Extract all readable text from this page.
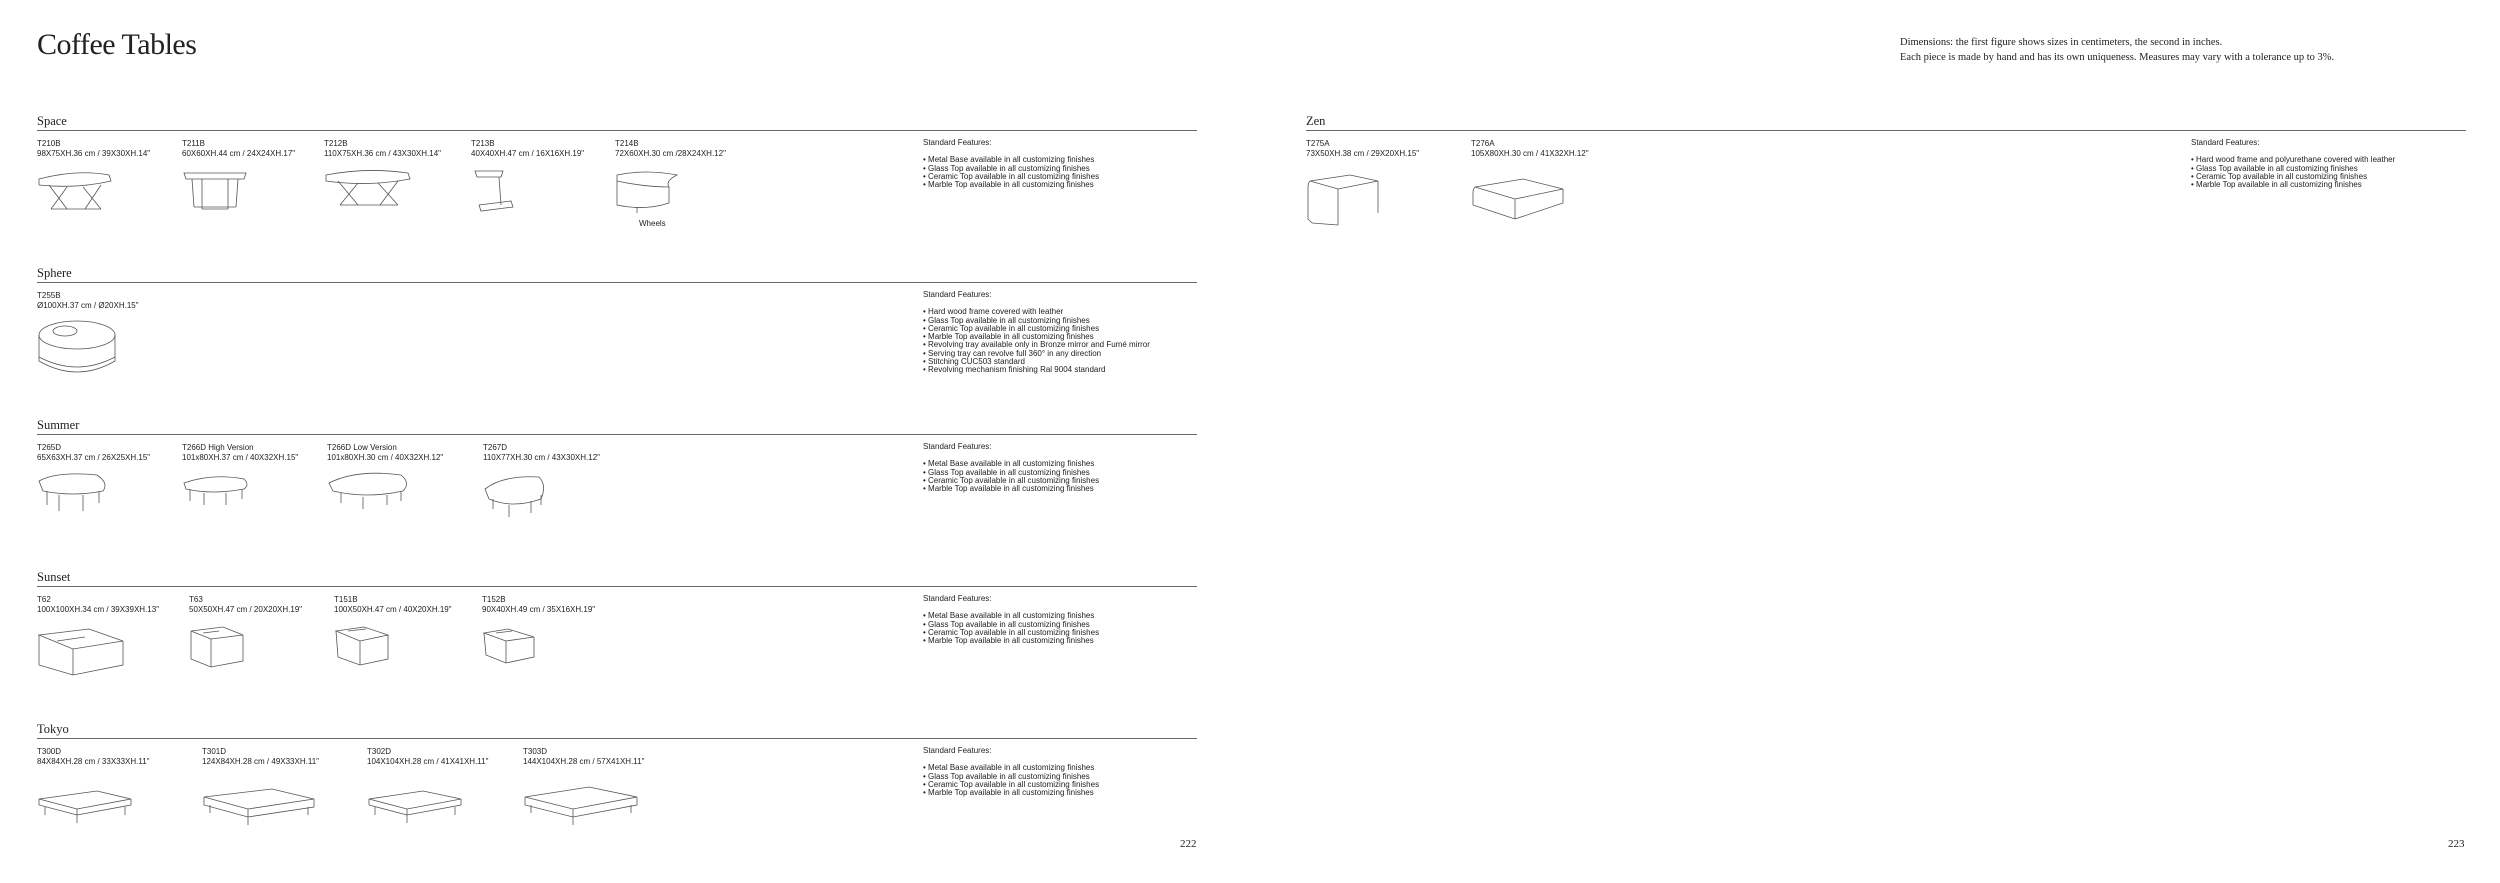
Coffee Tables	Dimensions: the first figure shows sizes in centimeters, the second in inches.
Each piece is made by hand and has its own uniqueness. Measures may vary with a tolerance up to 3%.
Space
T210B
98X75XH.36 cm / 39X30XH.14"
T211B
60X60XH.44 cm / 24X24XH.17"
T212B
110X75XH.36 cm / 43X30XH.14"
T213B
40X40XH.47 cm / 16X16XH.19"
T214B
72X60XH.30 cm /28X24XH.12"
Wheels
Standard Features:
• Metal Base available in all customizing finishes
• Glass Top available in all customizing finishes
• Ceramic Top available in all customizing finishes
• Marble Top available in all customizing finishes
Sphere
T255B
Ø100XH.37 cm / Ø20XH.15"
Standard Features:
• Hard wood frame covered with leather
• Glass Top available in all customizing finishes
• Ceramic Top available in all customizing finishes
• Marble Top available in all customizing finishes
• Revolving tray available only in Bronze mirror and Fumé mirror
• Serving tray can revolve full 360° in any direction
• Stitching CUC503 standard
• Revolving mechanism finishing Ral 9004 standard
Summer
T265D
65X63XH.37 cm / 26X25XH.15"
T266D High Version
101x80XH.37 cm / 40X32XH.15"
T266D Low Version
101x80XH.30 cm / 40X32XH.12"
T267D
110X77XH.30 cm / 43X30XH.12"
Standard Features:
• Metal Base available in all customizing finishes
• Glass Top available in all customizing finishes
• Ceramic Top available in all customizing finishes
• Marble Top available in all customizing finishes
Sunset
T62
100X100XH.34 cm / 39X39XH.13"
T63
50X50XH.47 cm / 20X20XH.19"
T151B
100X50XH.47 cm / 40X20XH.19"
T152B
90X40XH.49 cm / 35X16XH.19"
Standard Features:
• Metal Base available in all customizing finishes
• Glass Top available in all customizing finishes
• Ceramic Top available in all customizing finishes
• Marble Top available in all customizing finishes
Tokyo
T300D
84X84XH.28 cm / 33X33XH.11"
T301D
124X84XH.28 cm / 49X33XH.11"
T302D
104X104XH.28 cm / 41X41XH.11"
T303D
144X104XH.28 cm / 57X41XH.11"
Standard Features:
• Metal Base available in all customizing finishes
• Glass Top available in all customizing finishes
• Ceramic Top available in all customizing finishes
• Marble Top available in all customizing finishes
Zen
T275A
73X50XH.38 cm / 29X20XH.15"
T276A
105X80XH.30 cm / 41X32XH.12"
Standard Features:
• Hard wood frame and polyurethane covered with leather
• Glass Top available in all customizing finishes
• Ceramic Top available in all customizing finishes
• Marble Top available in all customizing finishes
222	223
